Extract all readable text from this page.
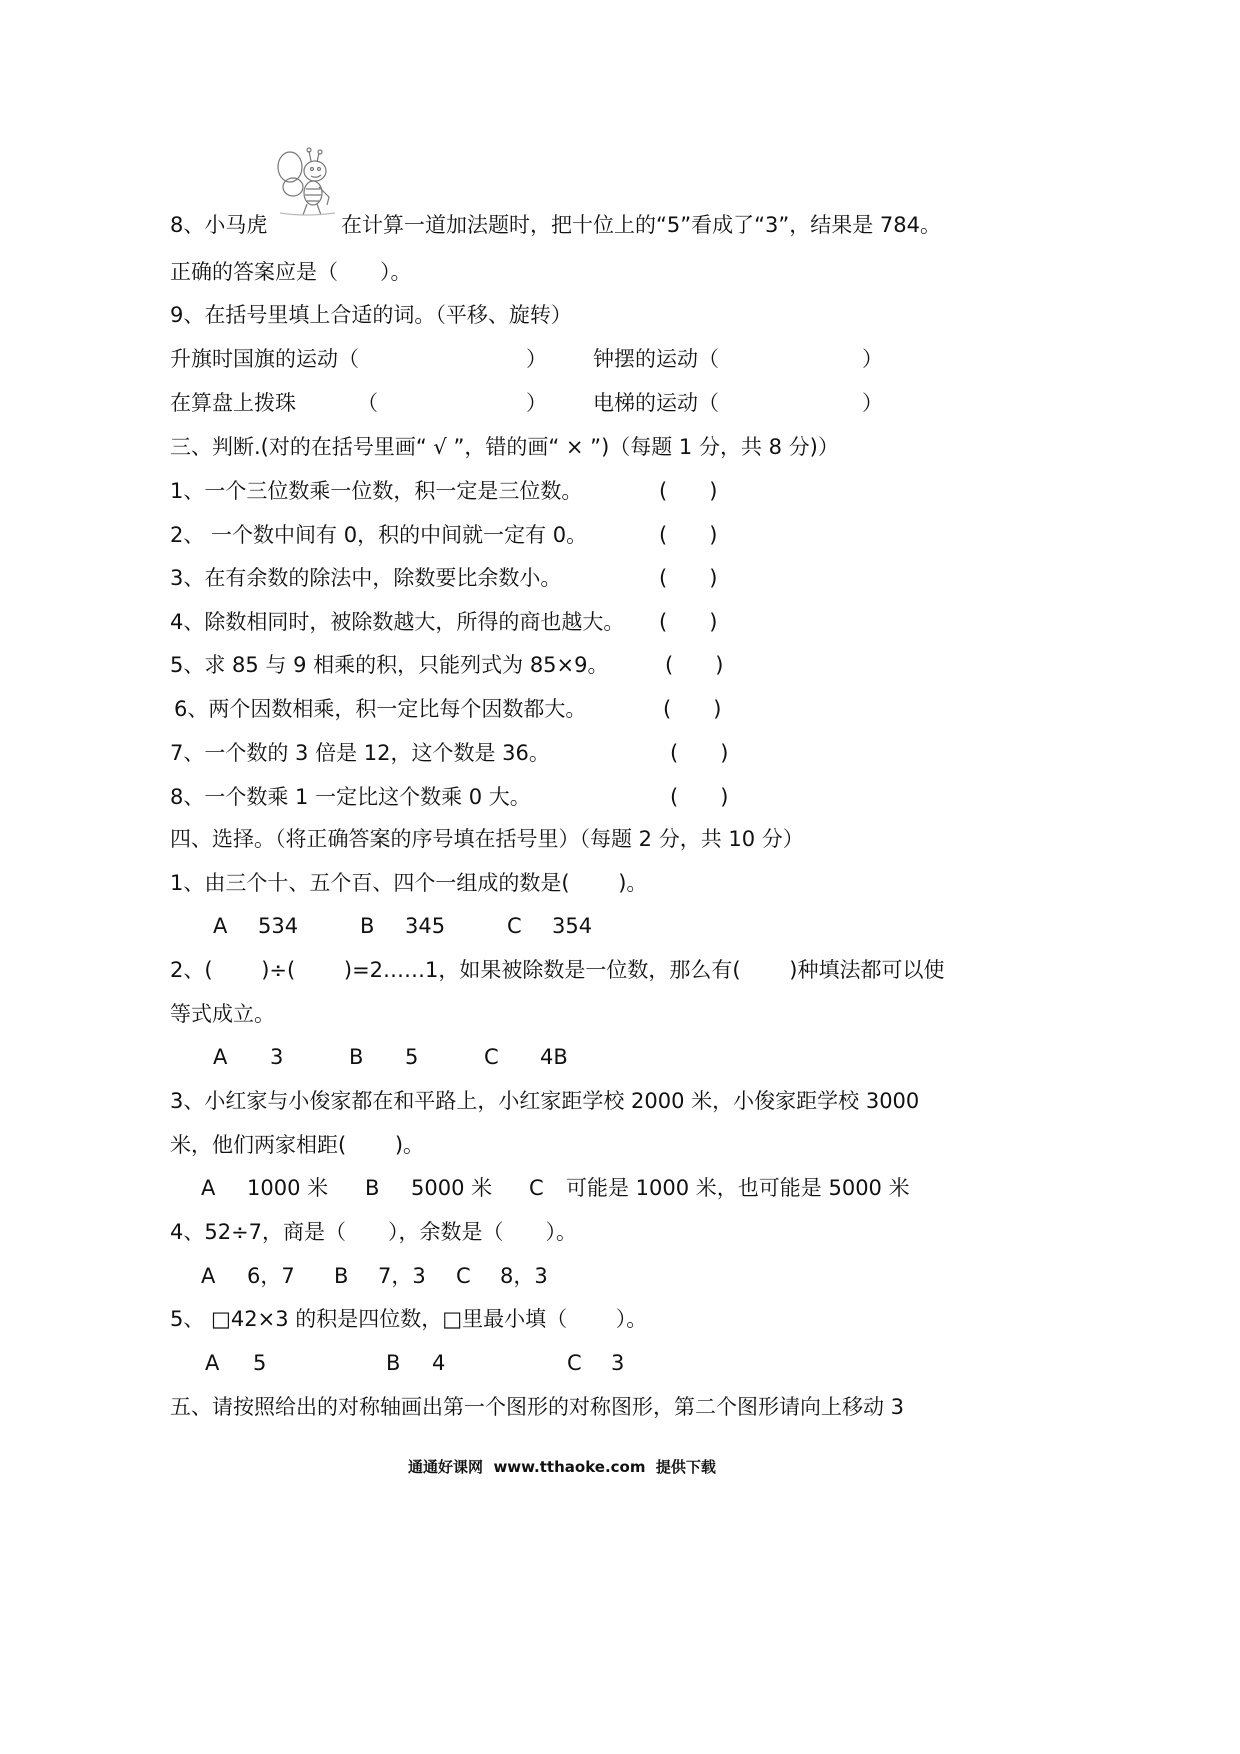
8、小马虎	在计算一道加法题时，把十位上的“5”看成了“3”，结果是 784。
正确的答案应是（　　）。
9、在括号里填上合适的词。（平移、旋转）
升旗时国旗的运动（	） 钟摆的运动（	）
在算盘上拨珠	（	） 电梯的运动（	）
三、判断.(对的在括号里画“ √ ”，错的画“ × ”)（每题 1 分，共 8 分)）
1、一个三位数乘一位数，积一定是三位数。	(　　)
2、 一个数中间有 0，积的中间就一定有 0。	(　　)
3、在有余数的除法中，除数要比余数小。	(　　)
4、除数相同时，被除数越大，所得的商也越大。 (　　)
5、求 85 与 9 相乘的积，只能列式为 85×9。	(　　)
6、两个因数相乘，积一定比每个因数都大。	(　　)
7、一个数的 3 倍是 12，这个数是 36。	(　　)
8、一个数乘 1 一定比这个数乘 0 大。	(　　)
四、选择。（将正确答案的序号填在括号里）（每题 2 分，共 10 分）
1、由三个十、五个百、四个一组成的数是(　　 )。
A 534	B 345	C 354
2、(　　 )÷(　　 )=2……1，如果被除数是一位数，那么有(　　 )种填法都可以使
等式成立。
A 3	B 5	C 4B
3、小红家与小俊家都在和平路上，小红家距学校 2000 米，小俊家距学校 3000
米，他们两家相距(　　 )。
A 1000 米 B 5000 米 C 可能是 1000 米，也可能是 5000 米
4、52÷7，商是（　　），余数是（　　）。
A 6，7 B 7，3 C 8，3
5、 □42×3 的积是四位数，□里最小填（　　 ）。
A 5	B 4	C 3
五、请按照给出的对称轴画出第一个图形的对称图形，第二个图形请向上移动 3
通通好课网  www.tthaoke.com  提供下载
